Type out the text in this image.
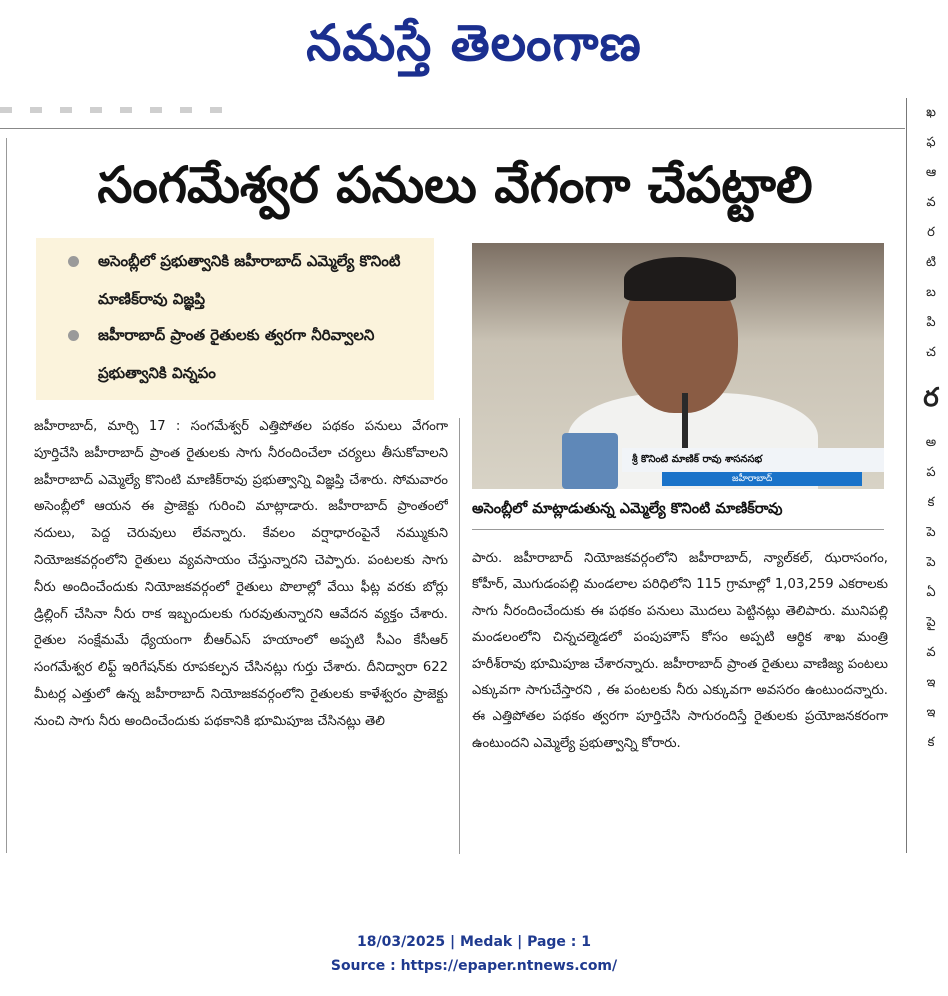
నమస్తే తెలంగాణ
సంగమేశ్వర పనులు వేగంగా చేపట్టాలి
అసెంబ్లీలో ప్రభుత్వానికి జహీరాబాద్ ఎమ్మెల్యే కొనింటి మాణిక్‌రావు విజ్ఞప్తి
జహీరాబాద్ ప్రాంత రైతులకు త్వరగా నీరివ్వాలని ప్రభుత్వానికి విన్నపం
జహీరాబాద్, మార్చి 17 : సంగమేశ్వర్ ఎత్తిపోతల పథకం పనులు వేగంగా పూర్తిచేసి జహీరాబాద్ ప్రాంత రైతులకు సాగు నీరందించేలా చర్యలు తీసుకోవాలని జహీరాబాద్ ఎమ్మెల్యే కొనింటి మాణిక్‌రావు ప్రభుత్వాన్ని విజ్ఞప్తి చేశారు. సోమవారం అసెంబ్లీలో ఆయన ఈ ప్రాజెక్టు గురించి మాట్లాడారు. జహీరాబాద్ ప్రాంతంలో నదులు, పెద్ద చెరువులు లేవన్నారు. కేవలం వర్షాధారంపైనే నమ్ముకుని నియోజకవర్గంలోని రైతులు వ్యవసాయం చేస్తున్నారని చెప్పారు. పంటలకు సాగు నీరు అందించేందుకు నియోజకవర్గంలో రైతులు పొలాల్లో వేయి ఫీట్ల వరకు బోర్లు డ్రిల్లింగ్ చేసినా నీరు రాక ఇబ్బందులకు గురవుతున్నారని ఆవేదన వ్యక్తం చేశారు. రైతుల సంక్షేమమే ధ్యేయంగా బీఆర్‌ఎస్ హయాంలో అప్పటి సీఎం కేసీఆర్ సంగమేశ్వర లిఫ్ట్ ఇరిగేషన్‌కు రూపకల్పన చేసినట్లు గుర్తు చేశారు. దీనిద్వారా 622 మీటర్ల ఎత్తులో ఉన్న జహీరాబాద్ నియోజకవర్గంలోని రైతులకు కాళేశ్వరం ప్రాజెక్టు నుంచి సాగు నీరు అందించేందుకు పథకానికి భూమిపూజ చేసినట్లు తెలి
శ్రీ కొనింటి మాణిక్ రావు శాసనసభ
జహీరాబాద్
అసెంబ్లీలో మాట్లాడుతున్న ఎమ్మెల్యే కొనింటి మాణిక్‌రావు
పారు. జహీరాబాద్ నియోజకవర్గంలోని జహీరాబాద్, న్యాల్‌కల్, ఝరాసంగం, కోహీర్, మొగుడంపల్లి మండలాల పరిధిలోని 115 గ్రామాల్లో 1,03,259 ఎకరాలకు సాగు నీరందించేందుకు ఈ పథకం పనులు మొదలు పెట్టినట్లు తెలిపారు. మునిపల్లి మండలంలోని చిన్నచల్మెడలో పంపుహౌస్ కోసం అప్పటి ఆర్థిక శాఖ మంత్రి హరీశ్‌రావు భూమిపూజ చేశారన్నారు. జహీరాబాద్ ప్రాంత రైతులు వాణిజ్య పంటలు ఎక్కువగా సాగుచేస్తారని , ఈ పంటలకు నీరు ఎక్కువగా అవసరం ఉంటుందన్నారు. ఈ ఎత్తిపోతల పథకం త్వరగా పూర్తిచేసి సాగురందిస్తే రైతులకు ప్రయోజనకరంగా ఉంటుందని ఎమ్మెల్యే ప్రభుత్వాన్ని కోరారు.
ఖ
ఫ
ఆ
వ
ర
టి
బ
పి
చ
ర
అ
ప
క
పె
పె
ఏ
పై
వ
ఇ
ఇ
క
18/03/2025 | Medak | Page : 1
Source : https://epaper.ntnews.com/
